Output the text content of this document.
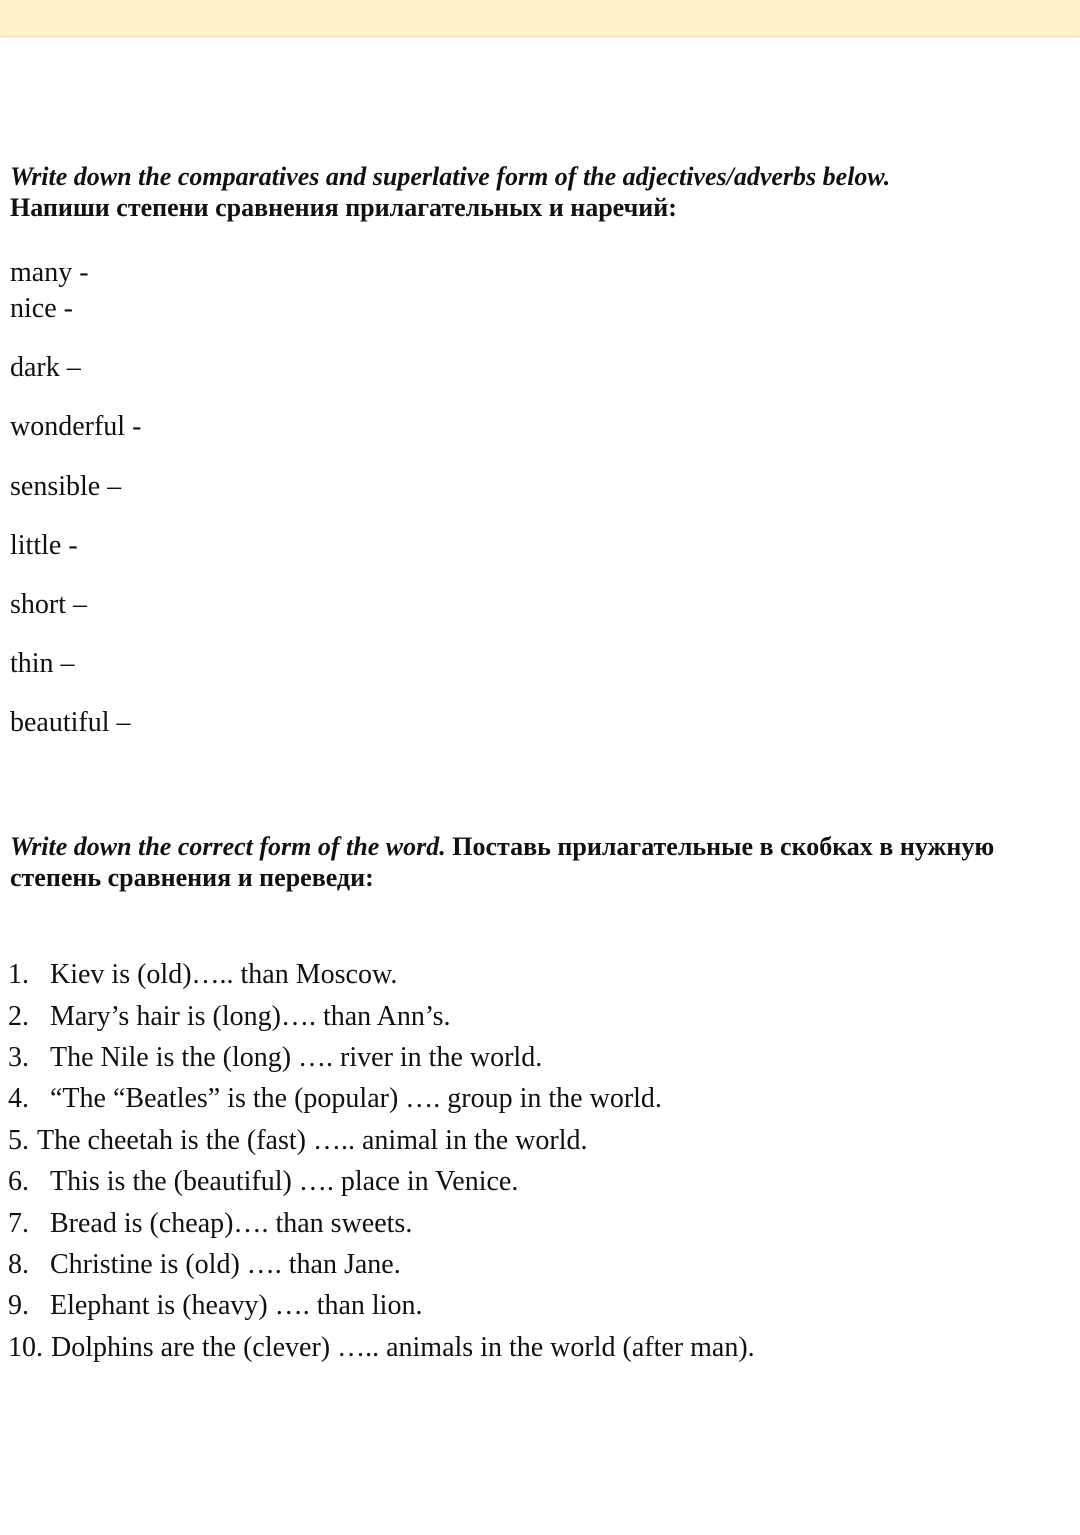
Write down the comparatives and superlative form of the adjectives/adverbs below.
Напиши степени сравнения прилагательных и наречий:
many -
nice -
dark –
wonderful -
sensible –
little -
short –
thin –
beautiful –
Write down the correct form of the word. Поставь прилагательные в скобках в нужную степень сравнения и переведи:
1. Kiev is (old)….. than Moscow.
2. Mary’s hair is (long)…. than Ann’s.
3. The Nile is the (long) …. river in the world.
4. “The “Beatles” is the (popular) …. group in the world.
5. The cheetah is the (fast) ….. animal in the world.
6. This is the (beautiful) …. place in Venice.
7. Bread is (cheap)…. than sweets.
8. Christine is (old) …. than Jane.
9. Elephant is (heavy) …. than lion.
10. Dolphins are the (clever) ….. animals in the world (after man).
